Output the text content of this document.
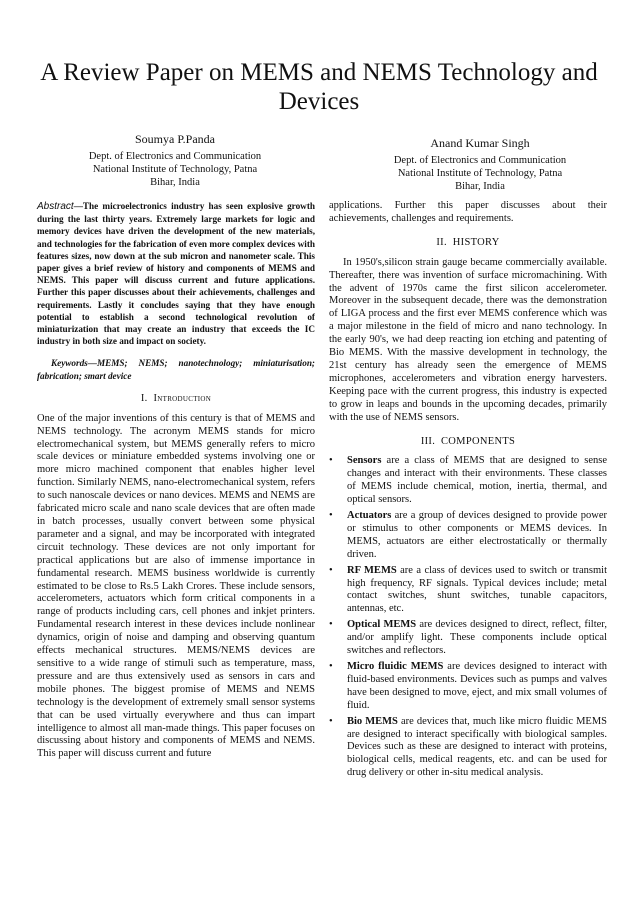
A Review Paper on MEMS and NEMS Technology and Devices
Soumya P.Panda
Dept. of Electronics and Communication
National Institute of Technology, Patna
Bihar, India
Anand Kumar Singh
Dept. of Electronics and Communication
National Institute of Technology, Patna
Bihar, India

Abstract—The microelectronics industry has seen explosive growth during the last thirty years. Extremely large markets for logic and memory devices have driven the development of the new materials, and technologies for the fabrication of even more complex devices with features sizes, now down at the sub micron and nanometer scale. This paper gives a brief review of history and components of MEMS and NEMS. This paper will discuss current and future applications. Further this paper discusses about their achievements, challenges and requirements. Lastly it concludes saying that they have enough potential to establish a second technological revolution of miniaturization that may create an industry that exceeds the IC industry in both size and impact on society.

Keywords—MEMS; NEMS; nanotechnology; miniaturisation; fabrication; smart device

I. Introduction

One of the major inventions of this century is that of MEMS and NEMS technology. The acronym MEMS stands for micro electromechanical system, but MEMS generally refers to micro scale devices or miniature embedded systems involving one or more micro machined component that enables higher level function. Similarly NEMS, nano-electromechanical system, refers to such nanoscale devices or nano devices. MEMS and NEMS are fabricated micro scale and nano scale devices that are often made in batch processes, usually convert between some physical parameter and a signal, and may be incorporated with integrated circuit technology. These devices are not only important for practical applications but are also of immense importance in fundamental research. MEMS business worldwide is currently estimated to be close to Rs.5 Lakh Crores. These include sensors, accelerometers, actuators which form critical components in a range of products including cars, cell phones and inkjet printers. Fundamental research interest in these devices include nonlinear dynamics, origin of noise and damping and observing quantum effects mechanical structures. MEMS/NEMS devices are sensitive to a wide range of stimuli such as temperature, mass, pressure and are thus extensively used as sensors in cars and mobile phones. The biggest promise of MEMS and NEMS technology is the development of extremely small sensor systems that can be used virtually everywhere and thus can impart intelligence to almost all man-made things. This paper focuses on discussing about history and components of MEMS and NEMS. This paper will discuss current and future

applications. Further this paper discusses about their achievements, challenges and requirements.

II. HISTORY

In 1950's,silicon strain gauge became commercially available. Thereafter, there was invention of surface micromachining. With the advent of 1970s came the first silicon accelerometer. Moreover in the subsequent decade, there was the demonstration of LIGA process and the first ever MEMS conference which was a major milestone in the field of micro and nano technology. In the early 90's, we had deep reacting ion etching and patenting of Bio MEMS. With the massive development in technology, the 21st century has already seen the emergence of MEMS microphones, accelerometers and vibration energy harvesters. Keeping pace with the current progress, this industry is expected to grow in leaps and bounds in the upcoming decades, primarily with the use of NEMS sensors.

III. COMPONENTS
• Sensors are a class of MEMS that are designed to sense changes and interact with their environments. These classes of MEMS include chemical, motion, inertia, thermal, and optical sensors.
• Actuators are a group of devices designed to provide power or stimulus to other components or MEMS devices. In MEMS, actuators are either electrostatically or thermally driven.
• RF MEMS are a class of devices used to switch or transmit high frequency, RF signals. Typical devices include; metal contact switches, shunt switches, tunable capacitors, antennas, etc.
• Optical MEMS are devices designed to direct, reflect, filter, and/or amplify light. These components include optical switches and reflectors.
• Micro fluidic MEMS are devices designed to interact with fluid-based environments. Devices such as pumps and valves have been designed to move, eject, and mix small volumes of fluid.
• Bio MEMS are devices that, much like micro fluidic MEMS are designed to interact specifically with biological samples. Devices such as these are designed to interact with proteins, biological cells, medical reagents, etc. and can be used for drug delivery or other in-situ medical analysis.
